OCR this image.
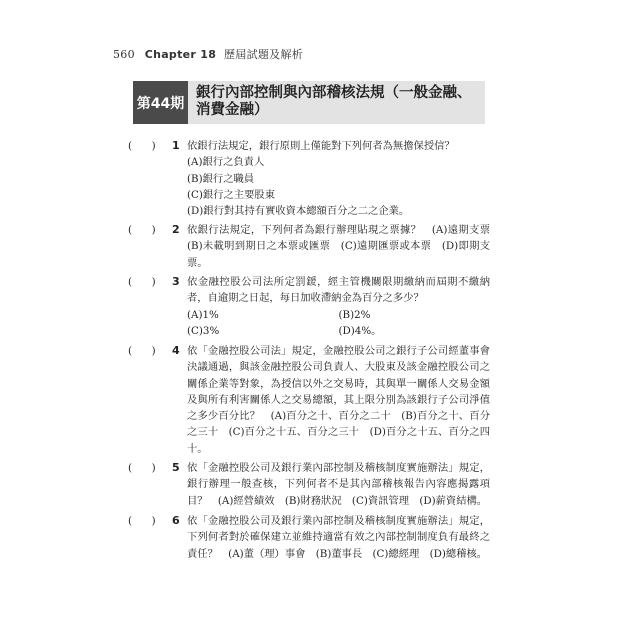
560 Chapter 18 歷屆試題及解析
第44期
銀行內部控制與內部稽核法規（一般金融、消費金融）
(      ) 1 依銀行法規定，銀行原則上僅能對下列何者為無擔保授信？
(A)銀行之負責人
(B)銀行之職員
(C)銀行之主要股東
(D)銀行對其持有實收資本總額百分之二之企業。
(      ) 2 依銀行法規定，下列何者為銀行辦理貼現之票據？　(A)遠期支票　(B)未載明到期日之本票或匯票　(C)遠期匯票或本票　(D)即期支票。
(      ) 3 依金融控股公司法所定罰鍰，經主管機關限期繳納而屆期不繳納者，自逾期之日起，每日加收滯納金為百分之多少？
(A)1%	(B)2%
(C)3%	(D)4%。
(      ) 4 依「金融控股公司法」規定，金融控股公司之銀行子公司經董事會決議通過，與該金融控股公司負責人、大股東及該金融控股公司之關係企業等對象，為授信以外之交易時，其與單一關係人交易金額及與所有利害關係人之交易總額，其上限分別為該銀行子公司淨值之多少百分比？　(A)百分之十、百分之二十　(B)百分之十、百分之三十　(C)百分之十五、百分之三十　(D)百分之十五、百分之四十。
(      ) 5 依「金融控股公司及銀行業內部控制及稽核制度實施辦法」規定，銀行辦理一般查核，下列何者不是其內部稽核報告內容應揭露項目？　(A)經營績效　(B)財務狀況　(C)資訊管理　(D)薪資結構。
(      ) 6 依「金融控股公司及銀行業內部控制及稽核制度實施辦法」規定，下列何者對於確保建立並維持適當有效之內部控制制度負有最終之責任？　(A)董（理）事會　(B)董事長　(C)總經理　(D)總稽核。
